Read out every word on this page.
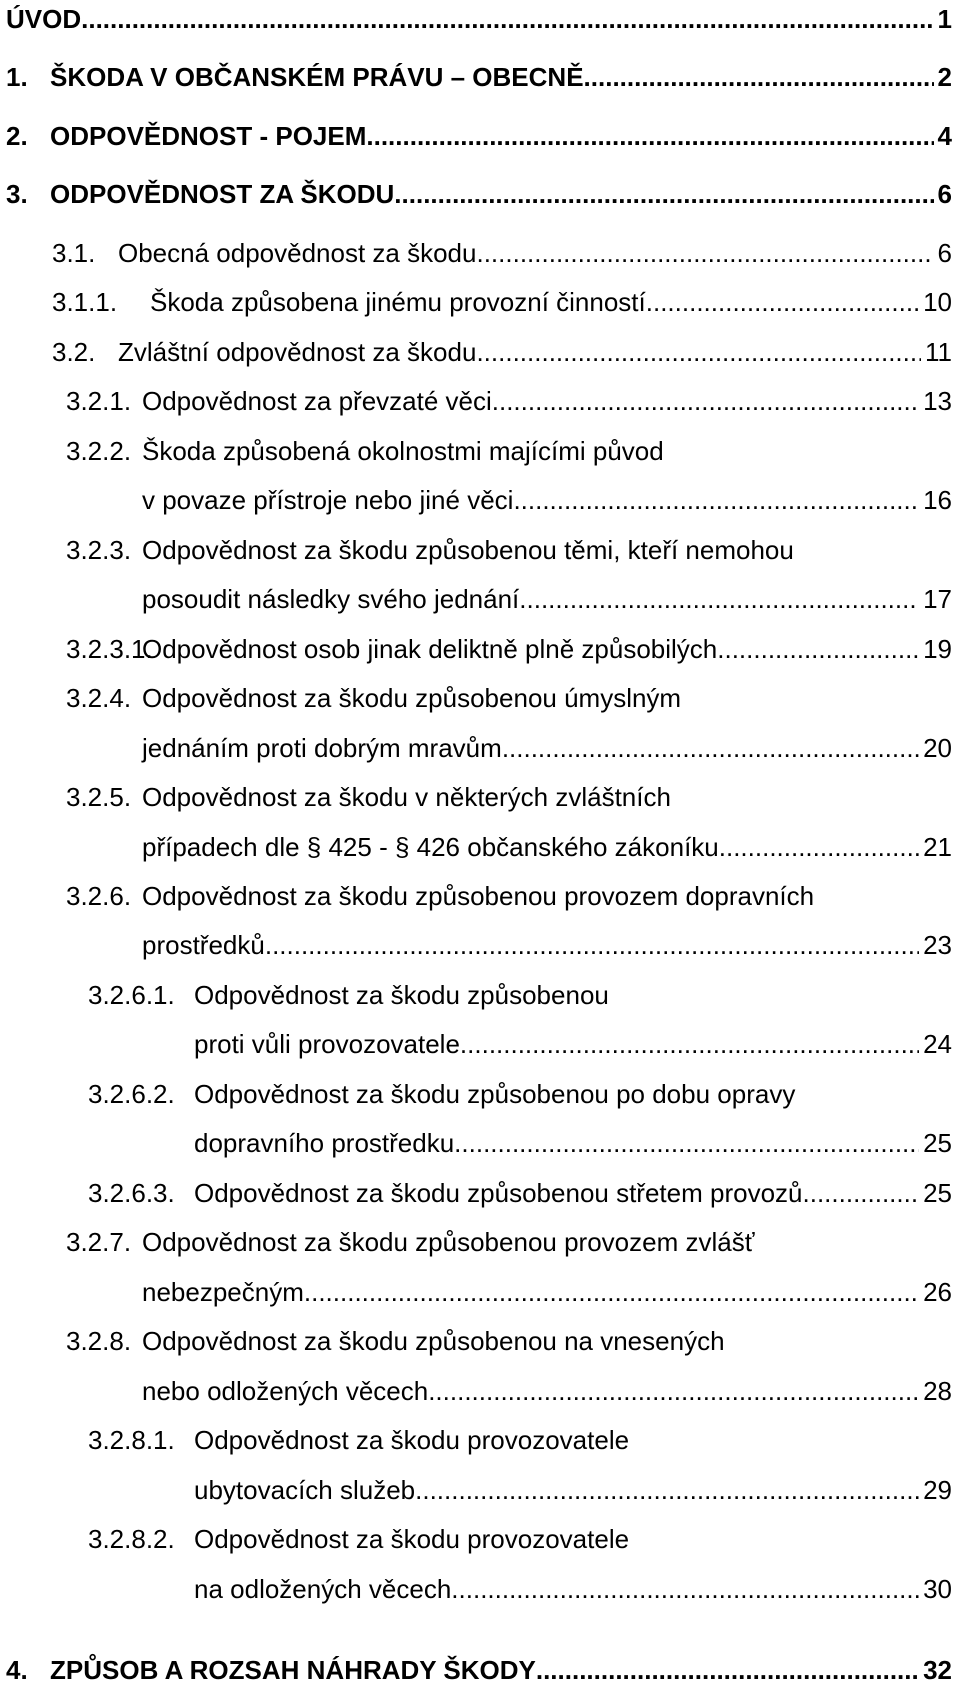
ÚVOD .....	1
1. ŠKODA V OBČANSKÉM PRÁVU – OBECNĚ .....	2
2. ODPOVĚDNOST - POJEM .....	4
3. ODPOVĚDNOST ZA ŠKODU .....	6
3.1. Obecná odpovědnost za škodu .....	6
3.1.1. Škoda způsobena jinému provozní činností .....	10
3.2. Zvláštní odpovědnost za škodu .....	11
3.2.1. Odpovědnost za převzaté věci .....	13
3.2.2. Škoda způsobená okolnostmi majícími původ
v povaze přístroje nebo jiné věci .....	16
3.2.3. Odpovědnost za škodu způsobenou těmi, kteří nemohou
posoudit následky svého jednání .....	17
3.2.3.1.
Odpovědnost osob jinak deliktně plně způsobilých .....	19
3.2.4. Odpovědnost za škodu způsobenou úmyslným
jednáním proti dobrým mravům .....	20
3.2.5. Odpovědnost za škodu v některých zvláštních
případech dle § 425 - § 426 občanského zákoníku .....	21
3.2.6. Odpovědnost za škodu způsobenou provozem dopravních
prostředků .....	23
3.2.6.1. Odpovědnost za škodu způsobenou
proti vůli provozovatele .....	24
3.2.6.2. Odpovědnost za škodu způsobenou po dobu opravy
dopravního prostředku .....	25
3.2.6.3. Odpovědnost za škodu způsobenou střetem provozů .....	25
3.2.7. Odpovědnost za škodu způsobenou provozem zvlášť
nebezpečným .....	26
3.2.8. Odpovědnost za škodu způsobenou na vnesených
nebo odložených věcech .....	28
3.2.8.1. Odpovědnost za škodu provozovatele
ubytovacích služeb .....	29
3.2.8.2. Odpovědnost za škodu provozovatele
na odložených věcech .....	30
4. ZPŮSOB A ROZSAH NÁHRADY ŠKODY .....	32
